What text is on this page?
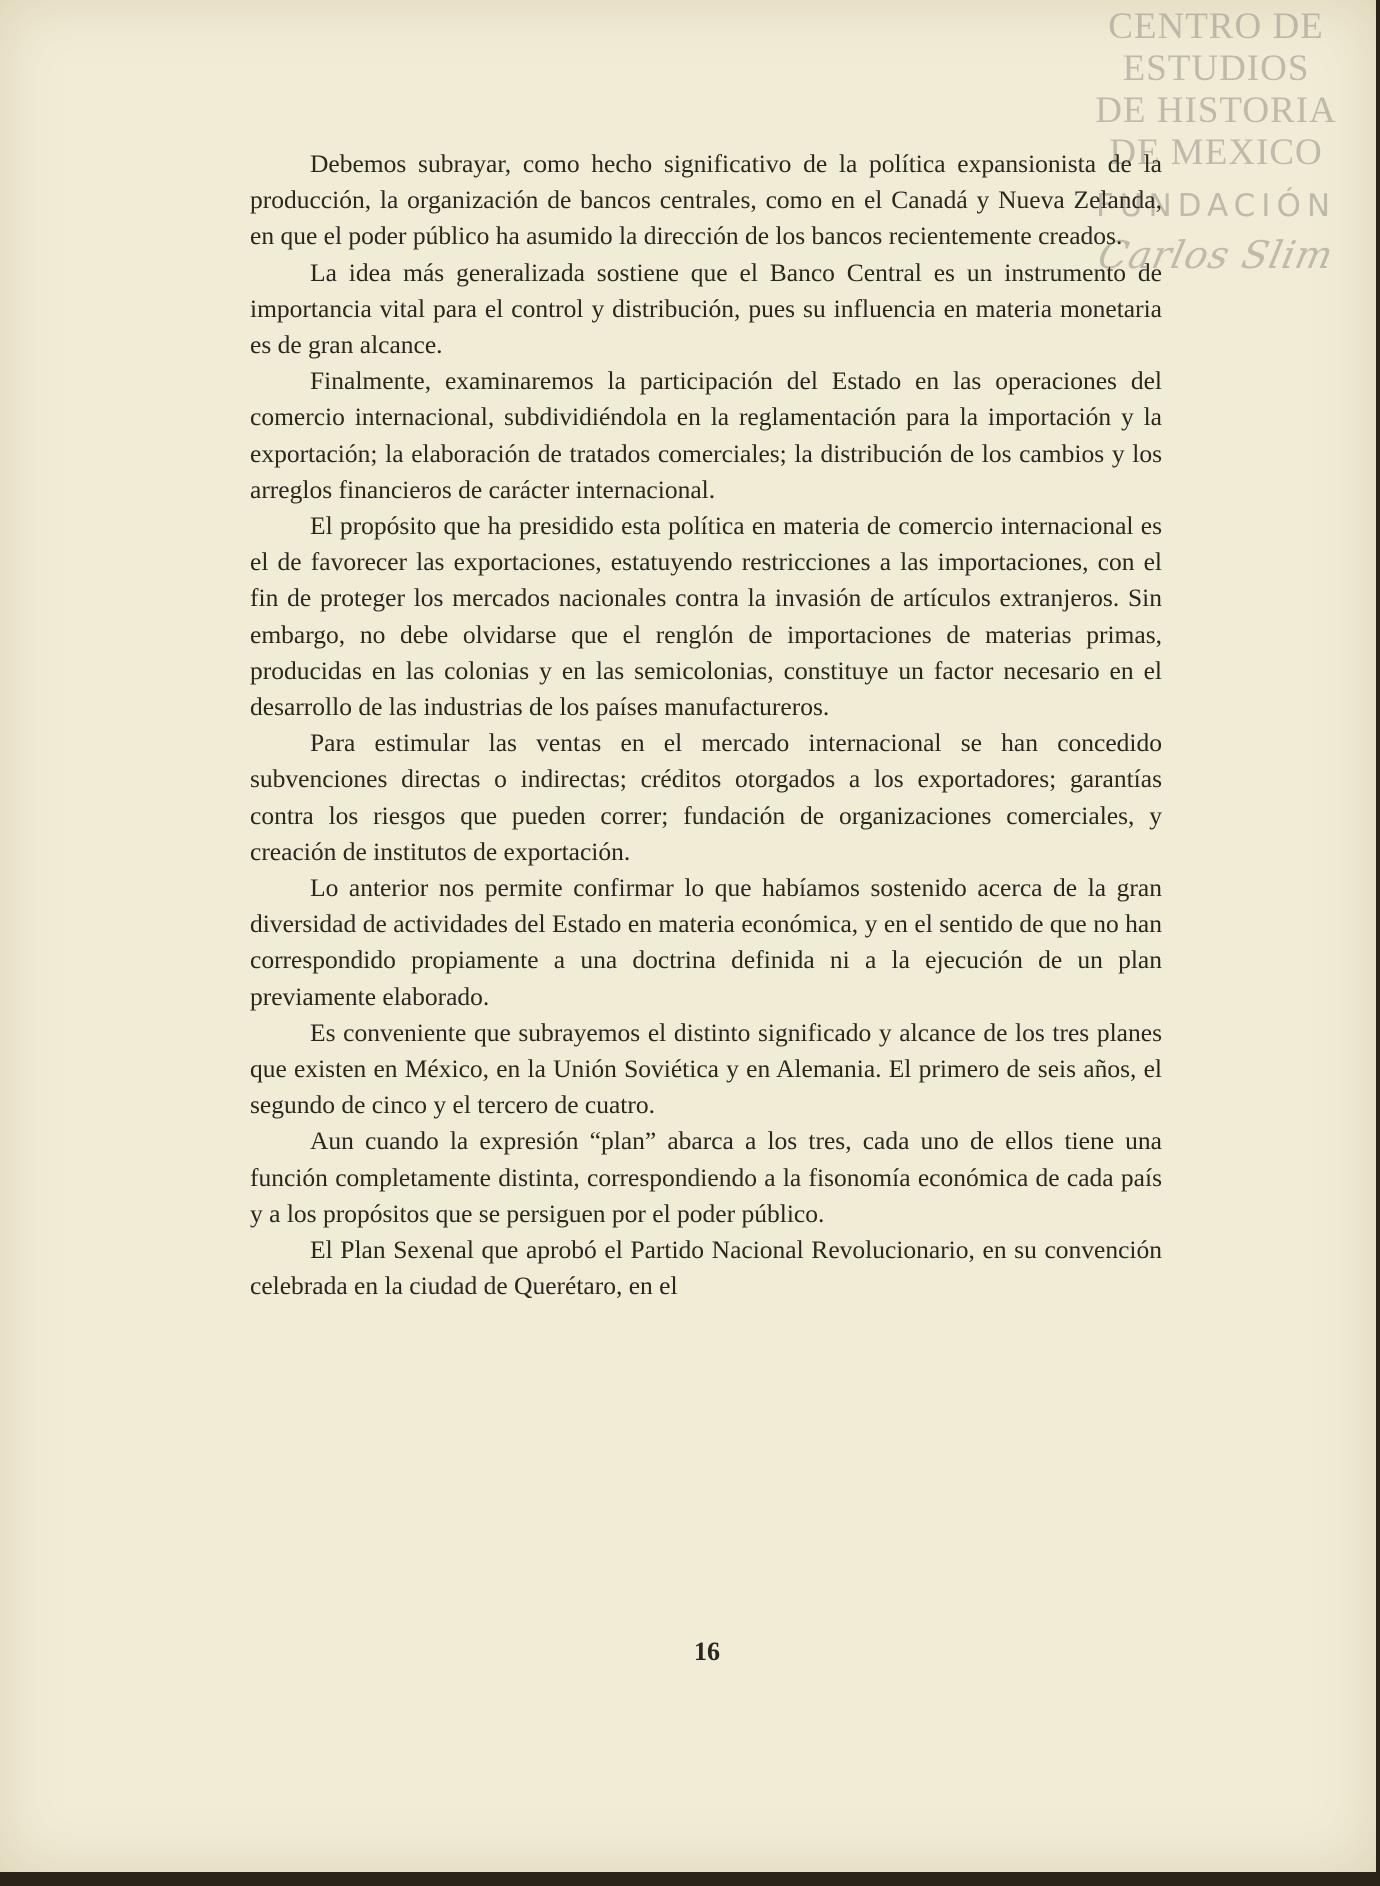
CENTRO DE
ESTUDIOS
DE HISTORIA
DE MEXICO
FUNDACIÓN
Carlos Slim

Debemos subrayar, como hecho significativo de la política expansionista de la producción, la organización de bancos centrales, como en el Canadá y Nueva Zelanda, en que el poder público ha asumido la dirección de los bancos recientemente creados.

La idea más generalizada sostiene que el Banco Central es un instrumento de importancia vital para el control y distribución, pues su influencia en materia monetaria es de gran alcance.

Finalmente, examinaremos la participación del Estado en las operaciones del comercio internacional, subdividiéndola en la reglamentación para la importación y la exportación; la elaboración de tratados comerciales; la distribución de los cambios y los arreglos financieros de carácter internacional.

El propósito que ha presidido esta política en materia de comercio internacional es el de favorecer las exportaciones, estatuyendo restricciones a las importaciones, con el fin de proteger los mercados nacionales contra la invasión de artículos extranjeros. Sin embargo, no debe olvidarse que el renglón de importaciones de materias primas, producidas en las colonias y en las semicolonias, constituye un factor necesario en el desarrollo de las industrias de los países manufactureros.

Para estimular las ventas en el mercado internacional se han concedido subvenciones directas o indirectas; créditos otorgados a los exportadores; garantías contra los riesgos que pueden correr; fundación de organizaciones comerciales, y creación de institutos de exportación.

Lo anterior nos permite confirmar lo que habíamos sostenido acerca de la gran diversidad de actividades del Estado en materia económica, y en el sentido de que no han correspondido propiamente a una doctrina definida ni a la ejecución de un plan previamente elaborado.

Es conveniente que subrayemos el distinto significado y alcance de los tres planes que existen en México, en la Unión Soviética y en Alemania. El primero de seis años, el segundo de cinco y el tercero de cuatro.

Aun cuando la expresión “plan” abarca a los tres, cada uno de ellos tiene una función completamente distinta, correspondiendo a la fisonomía económica de cada país y a los propósitos que se persiguen por el poder público.

El Plan Sexenal que aprobó el Partido Nacional Revolucionario, en su convención celebrada en la ciudad de Querétaro, en el

16
